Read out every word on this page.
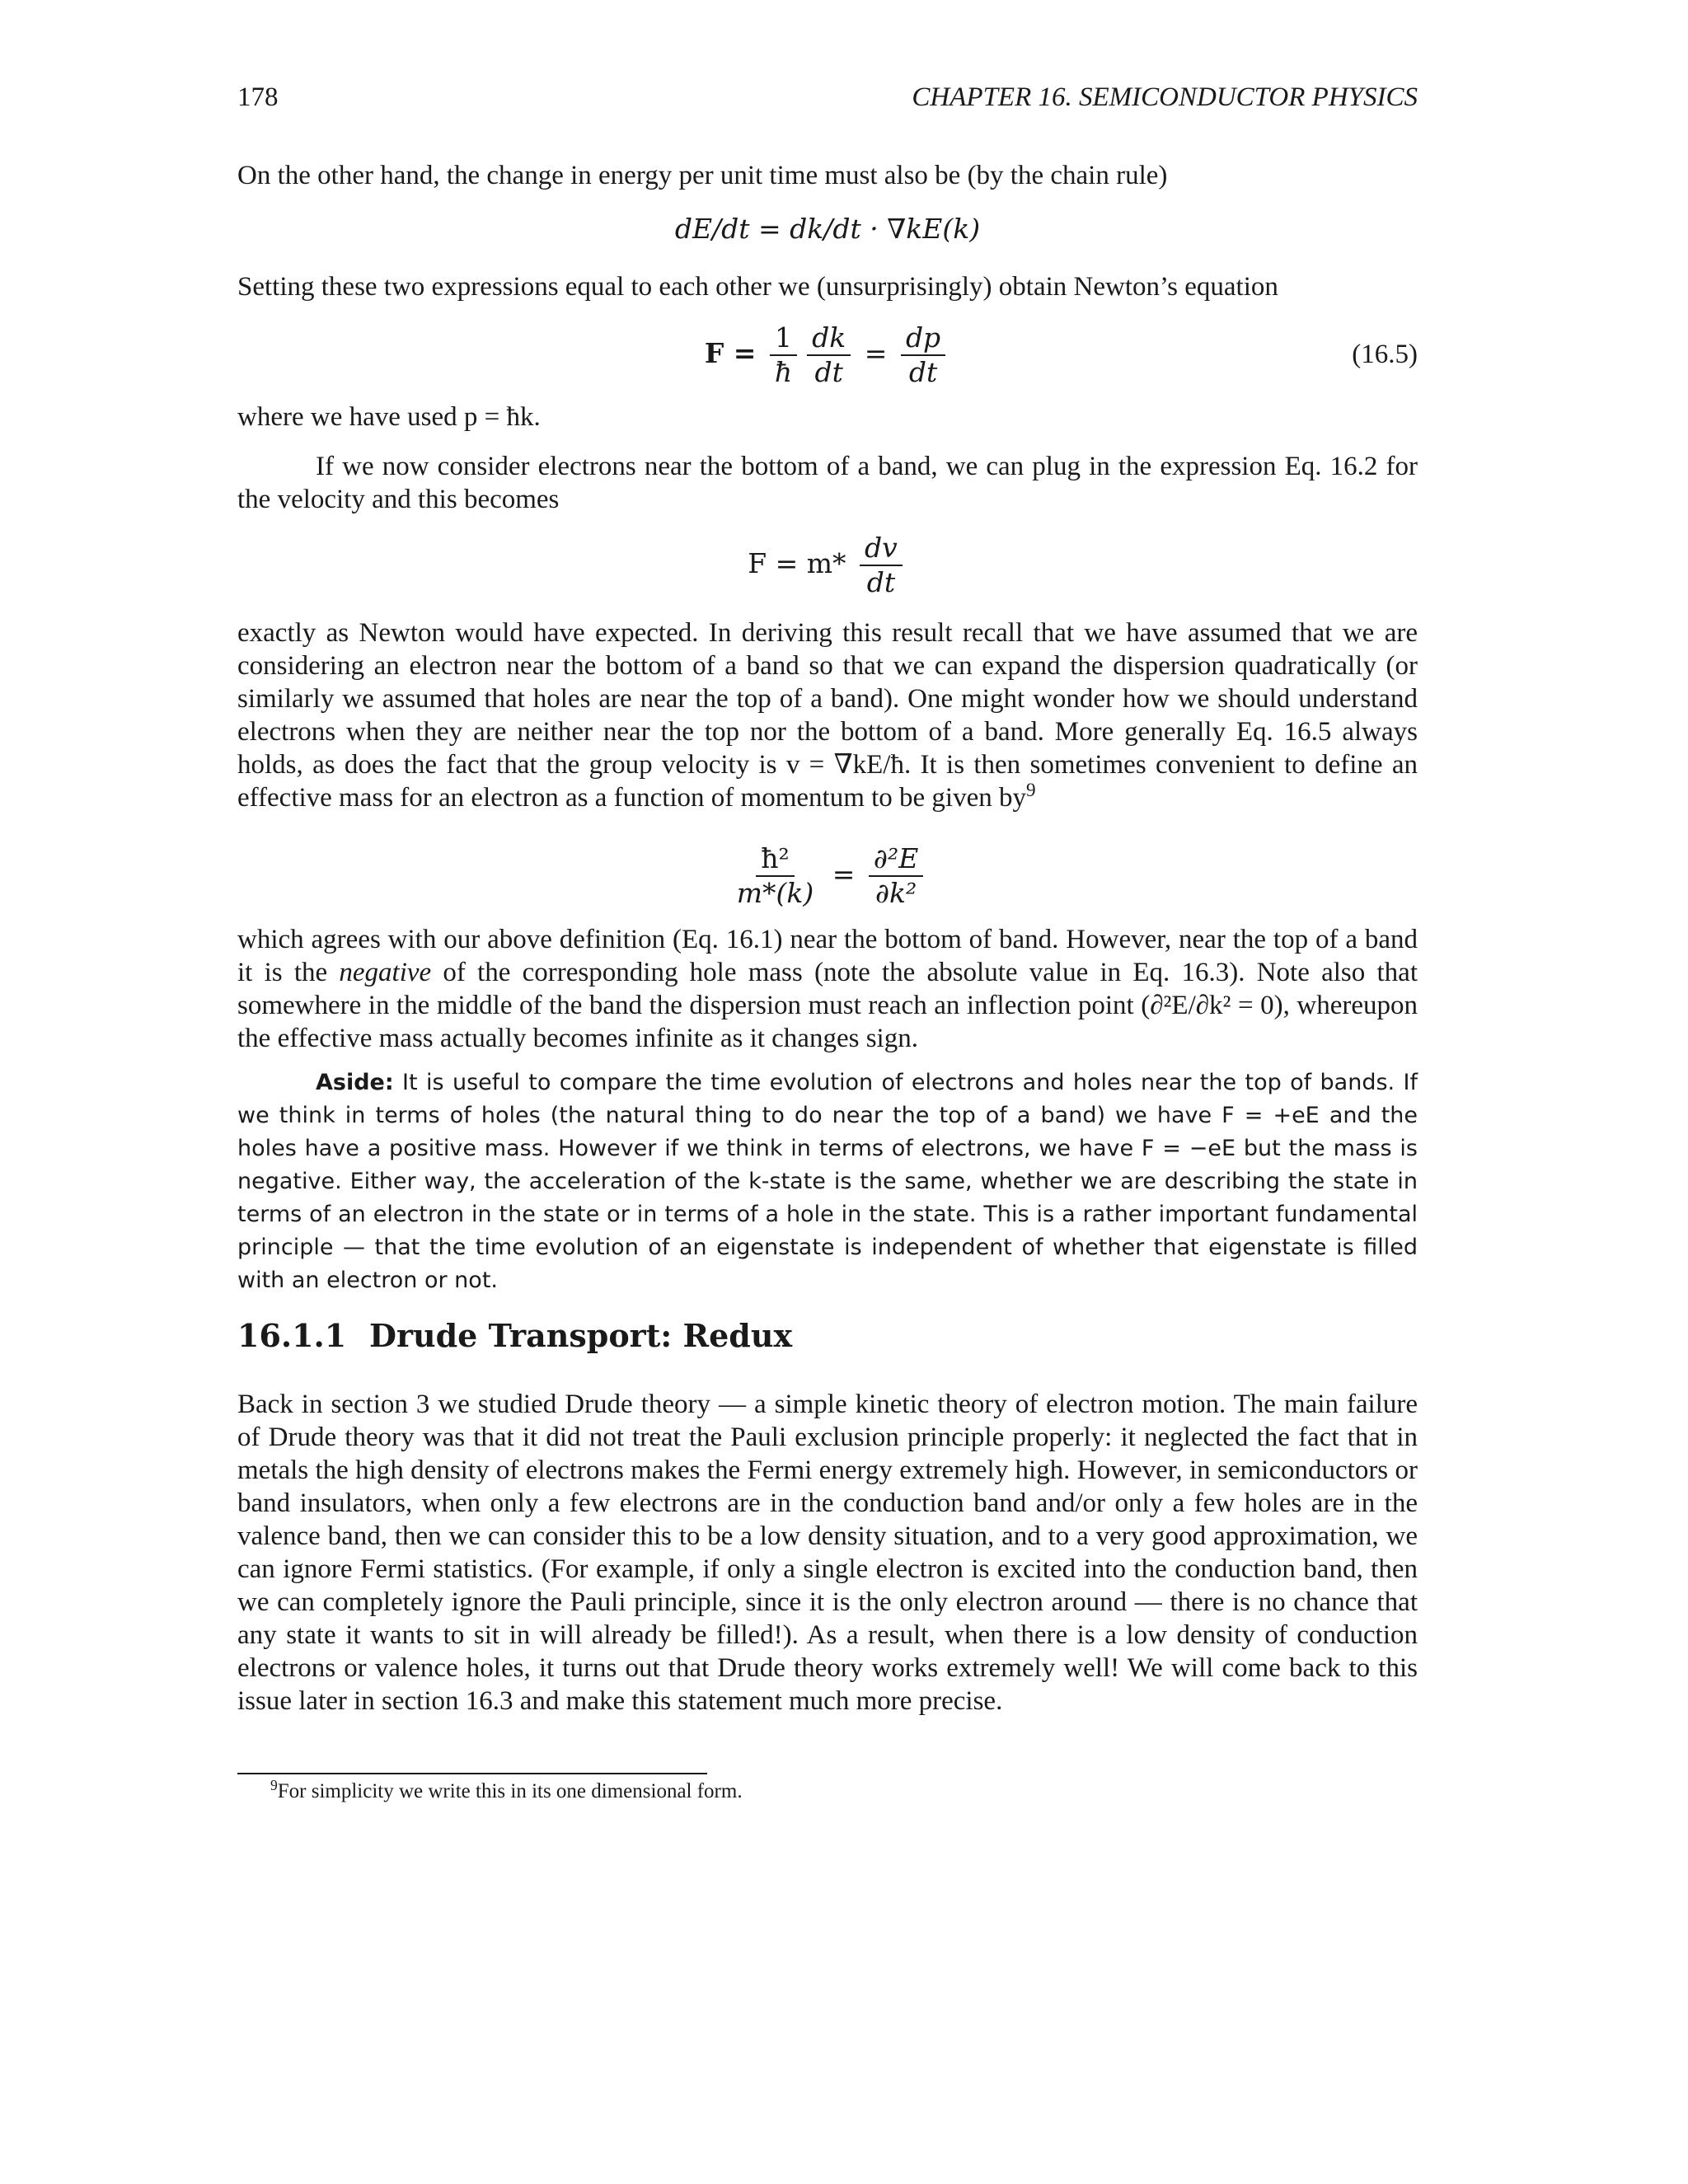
178	CHAPTER 16. SEMICONDUCTOR PHYSICS
On the other hand, the change in energy per unit time must also be (by the chain rule)
dE/dt = dk/dt · ∇kE(k)
Setting these two expressions equal to each other we (unsurprisingly) obtain Newton’s equation
$F = \frac{1}{ħ} \frac{dk}{dt} = \frac{dp}{dt}$	(16.5)
where we have used p = ħk.
If we now consider electrons near the bottom of a band, we can plug in the expression Eq. 16.2 for the velocity and this becomes
$F = m* \frac{dv}{dt}$
exactly as Newton would have expected. In deriving this result recall that we have assumed that we are considering an electron near the bottom of a band so that we can expand the dispersion quadratically (or similarly we assumed that holes are near the top of a band). One might wonder how we should understand electrons when they are neither near the top nor the bottom of a band. More generally Eq. 16.5 always holds, as does the fact that the group velocity is v = ∇kE/ħ. It is then sometimes convenient to define an effective mass for an electron as a function of momentum to be given $by^9$
$\frac{\text{ħ²}}{m*(k)} = \frac{\text{∂²E}}{\text{∂k²}}$
which agrees with our above definition (Eq. 16.1) near the bottom of band. However, near the top of a band it is the negative of the corresponding hole mass (note the absolute value in Eq. 16.3). Note also that somewhere in the middle of the band the dispersion must reach an inflection point (∂²E/∂k² = 0), whereupon the effective mass actually becomes infinite as it changes sign.
Aside: It is useful to compare the time evolution of electrons and holes near the top of bands. If we think in terms of holes (the natural thing to do near the top of a band) we have F = +eE and the holes have a positive mass. However if we think in terms of electrons, we have F = −eE but the mass is negative. Either way, the acceleration of the k-state is the same, whether we are describing the state in terms of an electron in the state or in terms of a hole in the state. This is a rather important fundamental principle — that the time evolution of an eigenstate is independent of whether that eigenstate is filled with an electron or not.
16.1.1 Drude Transport: Redux
Back in section 3 we studied Drude theory — a simple kinetic theory of electron motion. The main failure of Drude theory was that it did not treat the Pauli exclusion principle properly: it neglected the fact that in metals the high density of electrons makes the Fermi energy extremely high. However, in semiconductors or band insulators, when only a few electrons are in the conduction band and/or only a few holes are in the valence band, then we can consider this to be a low density situation, and to a very good approximation, we can ignore Fermi statistics. (For example, if only a single electron is excited into the conduction band, then we can completely ignore the Pauli principle, since it is the only electron around — there is no chance that any state it wants to sit in will already be filled!). As a result, when there is a low density of conduction electrons or valence holes, it turns out that Drude theory works extremely well! We will come back to this issue later in section 16.3 and make this statement much more precise.
$^9$For simplicity we write this in its one dimensional form.
